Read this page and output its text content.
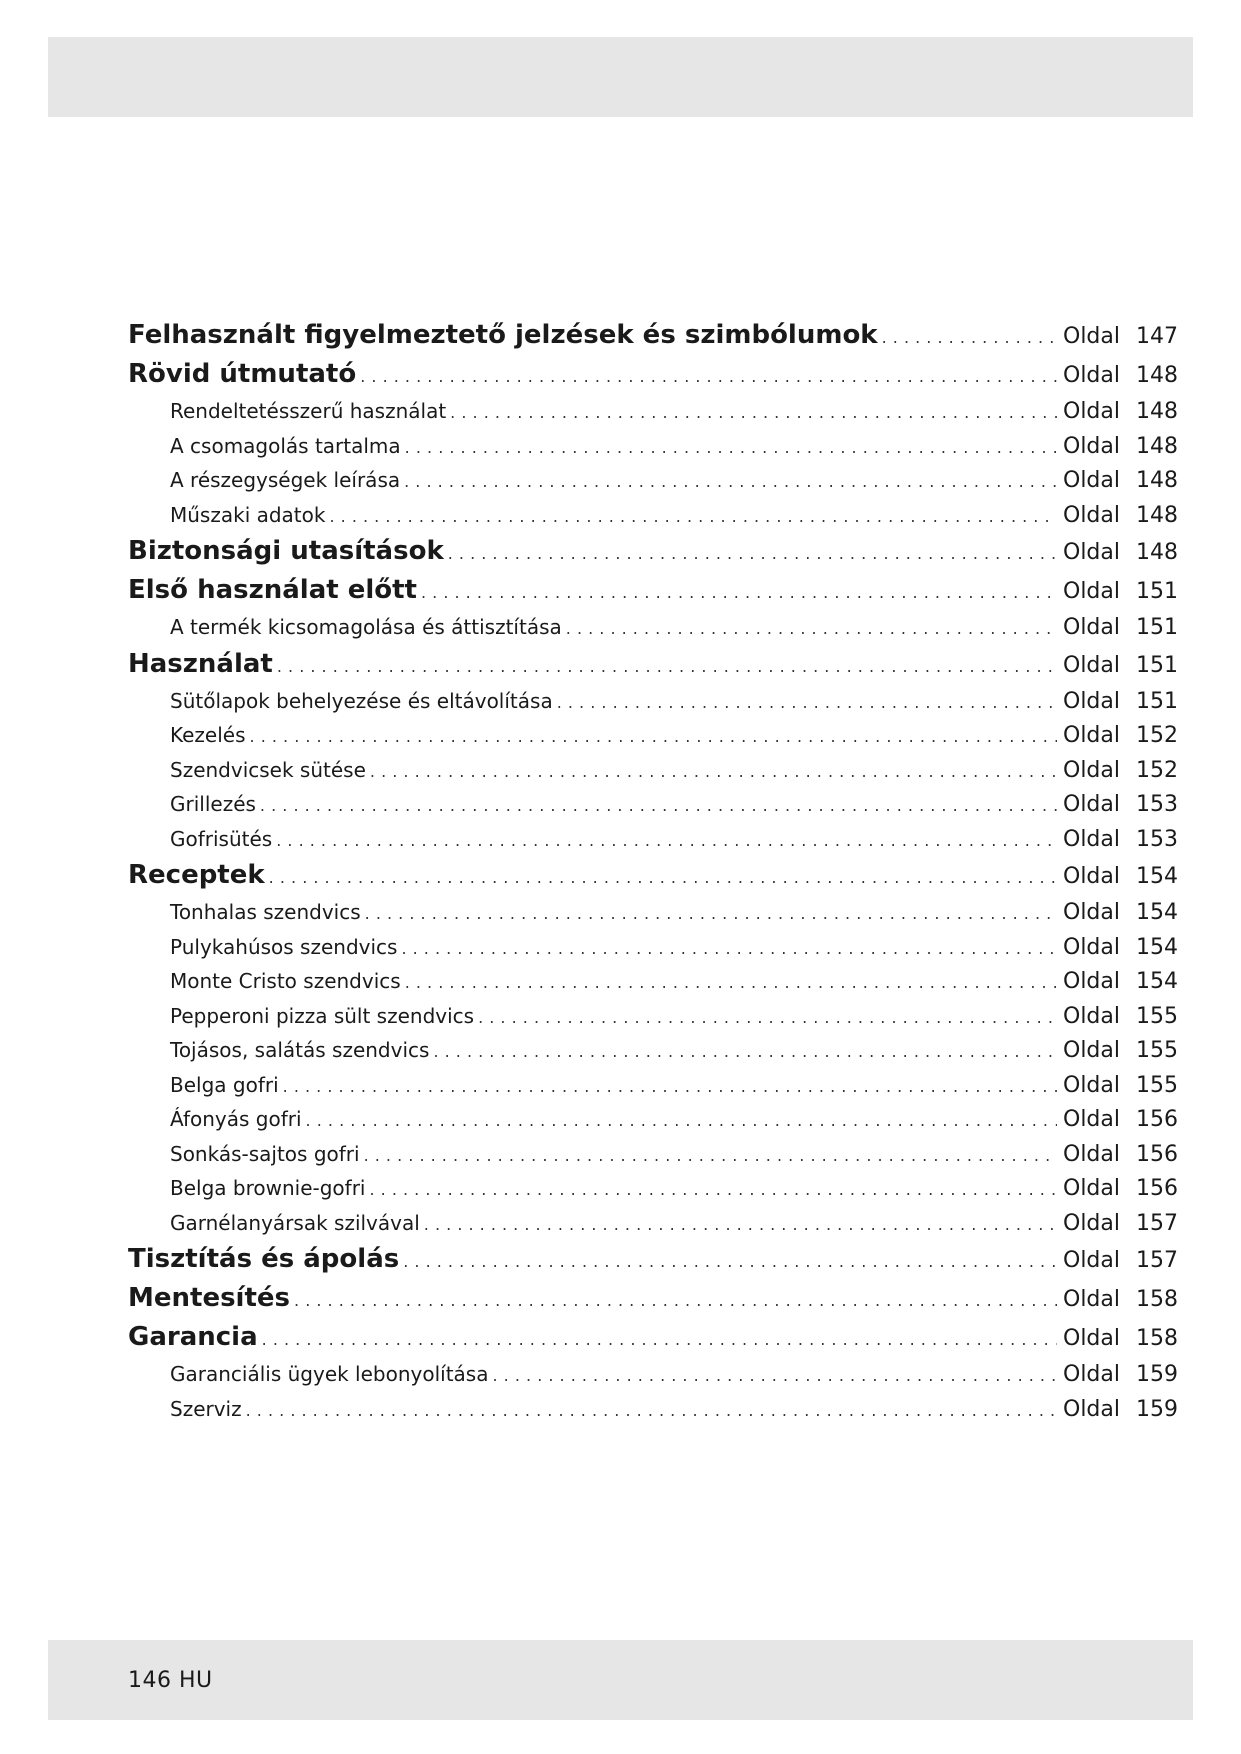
Felhasznált figyelmeztető jelzések és szimbólumok . . .	Oldal 147
Rövid útmutató . . .	Oldal 148
Rendeltetésszerű használat . . .	Oldal 148
A csomagolás tartalma . . .	Oldal 148
A részegységek leírása . . .	Oldal 148
Műszaki adatok . . .	Oldal 148
Biztonsági utasítások . . .	Oldal 148
Első használat előtt . . .	Oldal 151
A termék kicsomagolása és áttisztítása . . .	Oldal 151
Használat . . .	Oldal 151
Sütőlapok behelyezése és eltávolítása . . .	Oldal 151
Kezelés . . .	Oldal 152
Szendvicsek sütése . . .	Oldal 152
Grillezés . . .	Oldal 153
Gofrisütés . . .	Oldal 153
Receptek . . .	Oldal 154
Tonhalas szendvics . . .	Oldal 154
Pulykahúsos szendvics . . .	Oldal 154
Monte Cristo szendvics . . .	Oldal 154
Pepperoni pizza sült szendvics . . .	Oldal 155
Tojásos, salátás szendvics . . .	Oldal 155
Belga gofri . . .	Oldal 155
Áfonyás gofri . . .	Oldal 156
Sonkás-sajtos gofri . . .	Oldal 156
Belga brownie-gofri . . .	Oldal 156
Garnélanyársak szilvával . . .	Oldal 157
Tisztítás és ápolás . . .	Oldal 157
Mentesítés . . .	Oldal 158
Garancia . . .	Oldal 158
Garanciális ügyek lebonyolítása . . .	Oldal 159
Szerviz . . .	Oldal 159
146 HU
